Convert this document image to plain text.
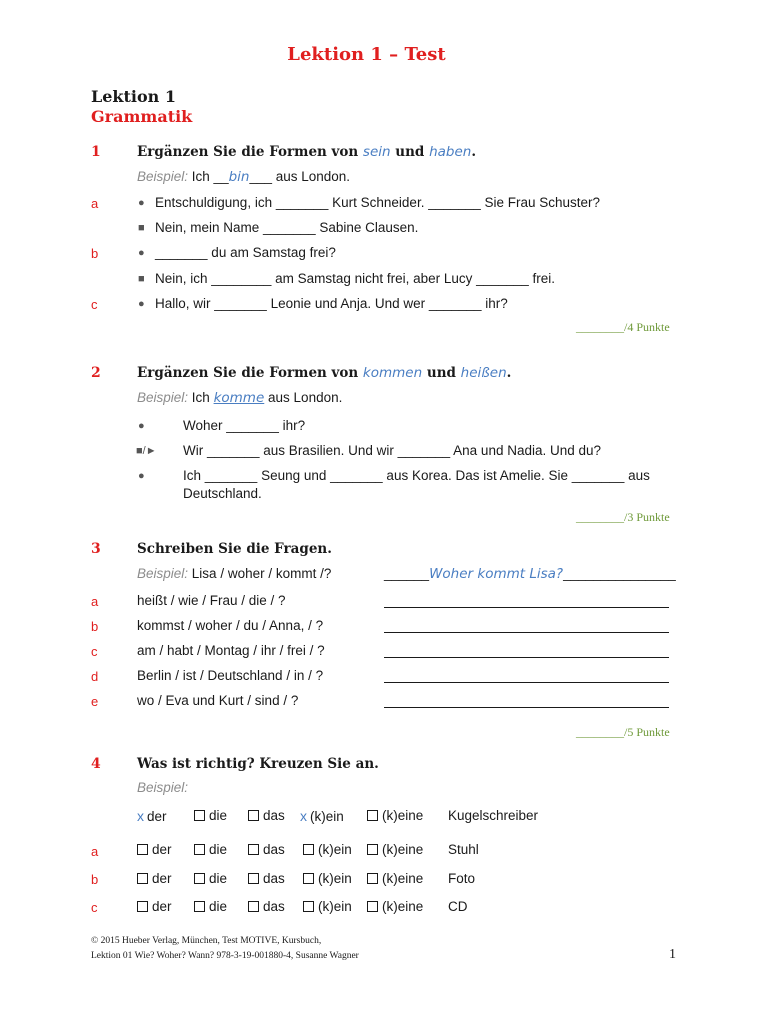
Lektion 1 – Test
Lektion 1
Grammatik
1	Ergänzen Sie die Formen von sein und haben.
Beispiel: Ich __bin___ aus London.
a	● Entschuldigung, ich _______ Kurt Schneider. _______ Sie Frau Schuster?
■ Nein, mein Name _______ Sabine Clausen.
b	● _______ du am Samstag frei?
■ Nein, ich ________ am Samstag nicht frei, aber Lucy _______ frei.
c	● Hallo, wir _______ Leonie und Anja. Und wer _______ ihr?
________/4 Punkte
2	Ergänzen Sie die Formen von kommen und heißen.
Beispiel: Ich komme aus London.
●	Woher _______ ihr?
■/► Wir _______ aus Brasilien. Und wir _______ Ana und Nadia. Und du?
●	Ich _______ Seung und _______ aus Korea. Das ist Amelie. Sie _______ aus
Deutschland.
________/3 Punkte
3	Schreiben Sie die Fragen.
Beispiel: Lisa / woher / kommt /?	______Woher kommt Lisa?_______________
a	heißt / wie / Frau / die / ?
b	kommst / woher / du / Anna, / ?
c	am / habt / Montag / ihr / frei / ?
d	Berlin / ist / Deutschland / in / ?
e	wo / Eva und Kurt / sind / ?
________/5 Punkte
4	Was ist richtig? Kreuzen Sie an.
Beispiel:
x der	die	das x (k)ein	(k)eine Kugelschreiber
a	der	die	das	(k)ein	(k)eine Stuhl
b	der	die	das	(k)ein	(k)eine Foto
c	der	die	das	(k)ein	(k)eine CD
© 2015 Hueber Verlag, München, Test MOTIVE, Kursbuch,
Lektion 01 Wie? Woher? Wann? 978-3-19-001880-4, Susanne Wagner	1
